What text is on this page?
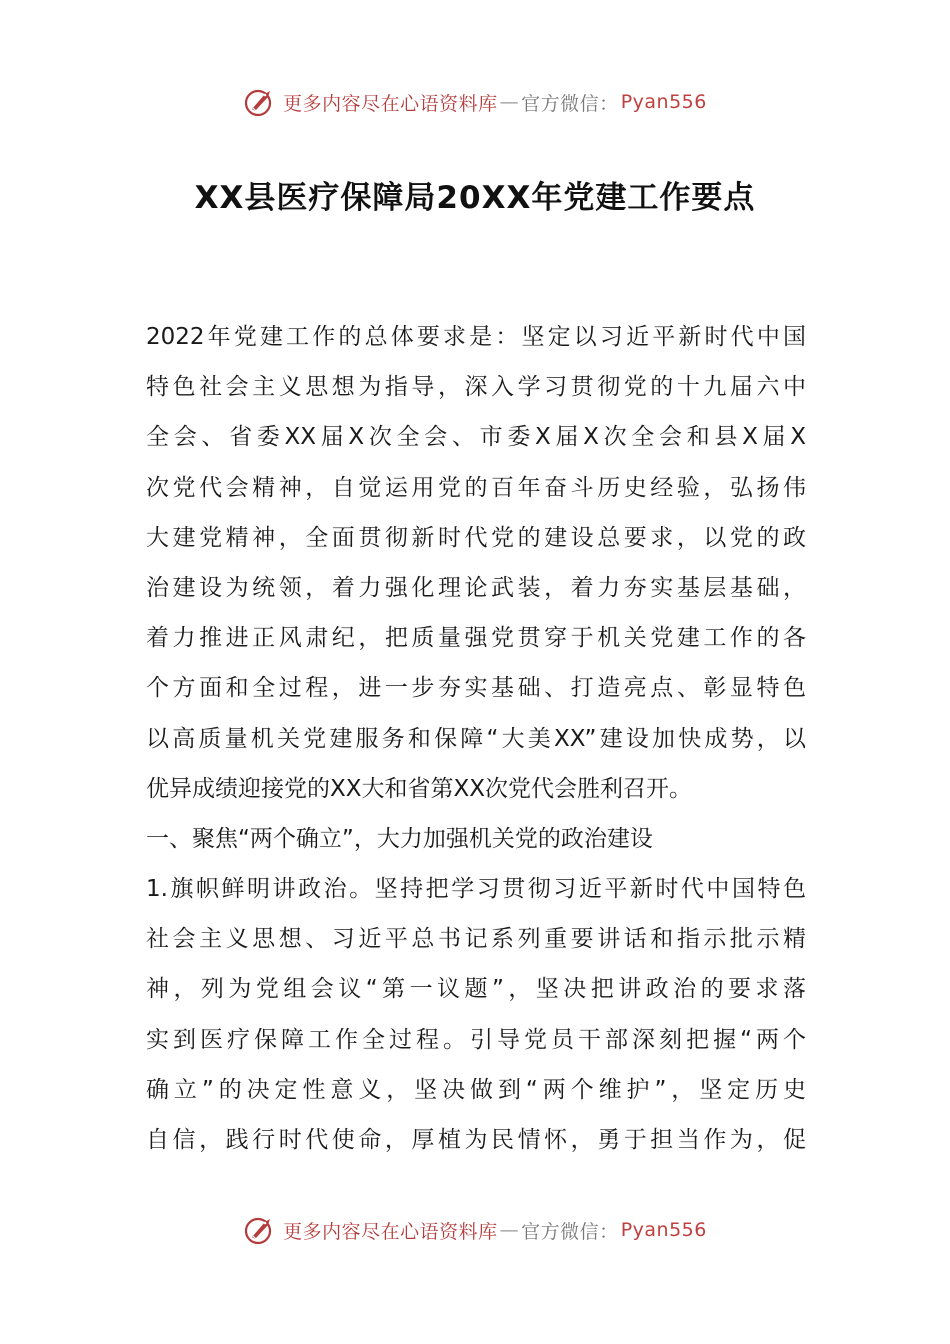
更多内容尽在心语资料库 — 官方微信： Pyan556
XX县医疗保障局20XX年党建工作要点
2022年党建工作的总体要求是：坚定以习近平新时代中国
特色社会主义思想为指导，深入学习贯彻党的十九届六中
全会、省委XX届X次全会、市委X届X次全会和县X届X
次党代会精神，自觉运用党的百年奋斗历史经验，弘扬伟
大建党精神，全面贯彻新时代党的建设总要求，以党的政
治建设为统领，着力强化理论武装，着力夯实基层基础，
着力推进正风肃纪，把质量强党贯穿于机关党建工作的各
个方面和全过程，进一步夯实基础、打造亮点、彰显特色
以高质量机关党建服务和保障“大美XX”建设加快成势，以
优异成绩迎接党的XX大和省第XX次党代会胜利召开。
一、聚焦“两个确立”，大力加强机关党的政治建设
1.旗帜鲜明讲政治。坚持把学习贯彻习近平新时代中国特色
社会主义思想、习近平总书记系列重要讲话和指示批示精
神，列为党组会议“第一议题”，坚决把讲政治的要求落
实到医疗保障工作全过程。引导党员干部深刻把握“两个
确立”的决定性意义，坚决做到“两个维护”，坚定历史
自信，践行时代使命，厚植为民情怀，勇于担当作为，促
更多内容尽在心语资料库 — 官方微信： Pyan556
